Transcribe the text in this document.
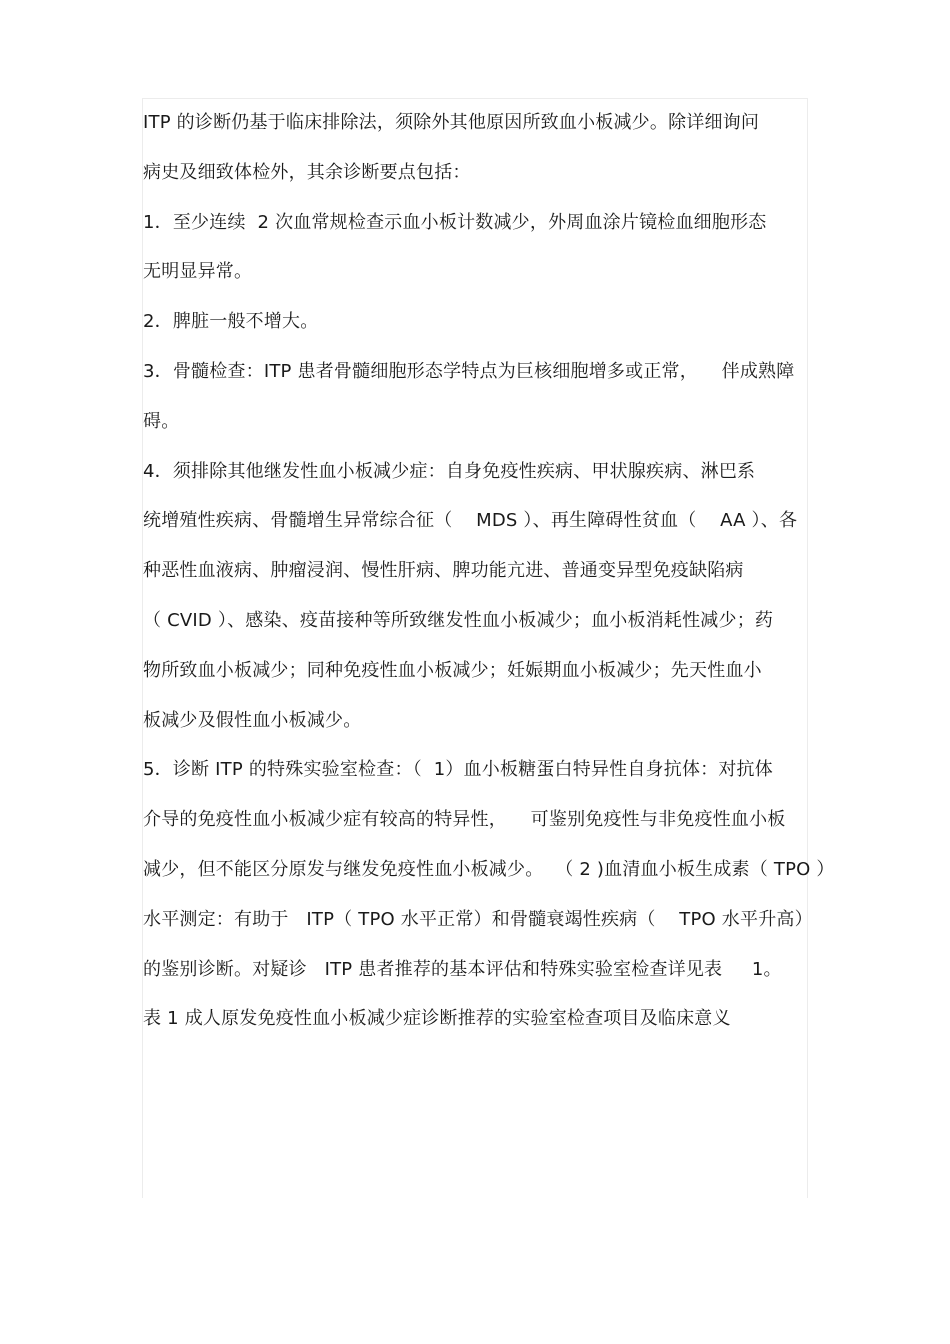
ITP 的诊断仍基于临床排除法，须除外其他原因所致血小板减少。除详细询问
病史及细致体检外，其余诊断要点包括：
1．至少连续  2 次血常规检查示血小板计数减少，外周血涂片镜检血细胞形态
无明显异常。
2．脾脏一般不增大。
3．骨髓检查：ITP 患者骨髓细胞形态学特点为巨核细胞增多或正常，    伴成熟障
碍。
4．须排除其他继发性血小板减少症：自身免疫性疾病、甲状腺疾病、淋巴系
统增殖性疾病、骨髓增生异常综合征（    MDS ）、再生障碍性贫血（    AA ）、各
种恶性血液病、肿瘤浸润、慢性肝病、脾功能亢进、普通变异型免疫缺陷病
（ CVID ）、感染、疫苗接种等所致继发性血小板减少；血小板消耗性减少；药
物所致血小板减少；同种免疫性血小板减少；妊娠期血小板减少；先天性血小
板减少及假性血小板减少。
5．诊断 ITP 的特殊实验室检查：（  1）血小板糖蛋白特异性自身抗体：对抗体
介导的免疫性血小板减少症有较高的特异性，    可鉴别免疫性与非免疫性血小板
减少，但不能区分原发与继发免疫性血小板减少。  （ 2 )血清血小板生成素（ TPO ）
水平测定：有助于   ITP（ TPO 水平正常）和骨髓衰竭性疾病（    TPO 水平升高）
的鉴别诊断。对疑诊   ITP 患者推荐的基本评估和特殊实验室检查详见表     1。
表 1 成人原发免疫性血小板减少症诊断推荐的实验室检查项目及临床意义
